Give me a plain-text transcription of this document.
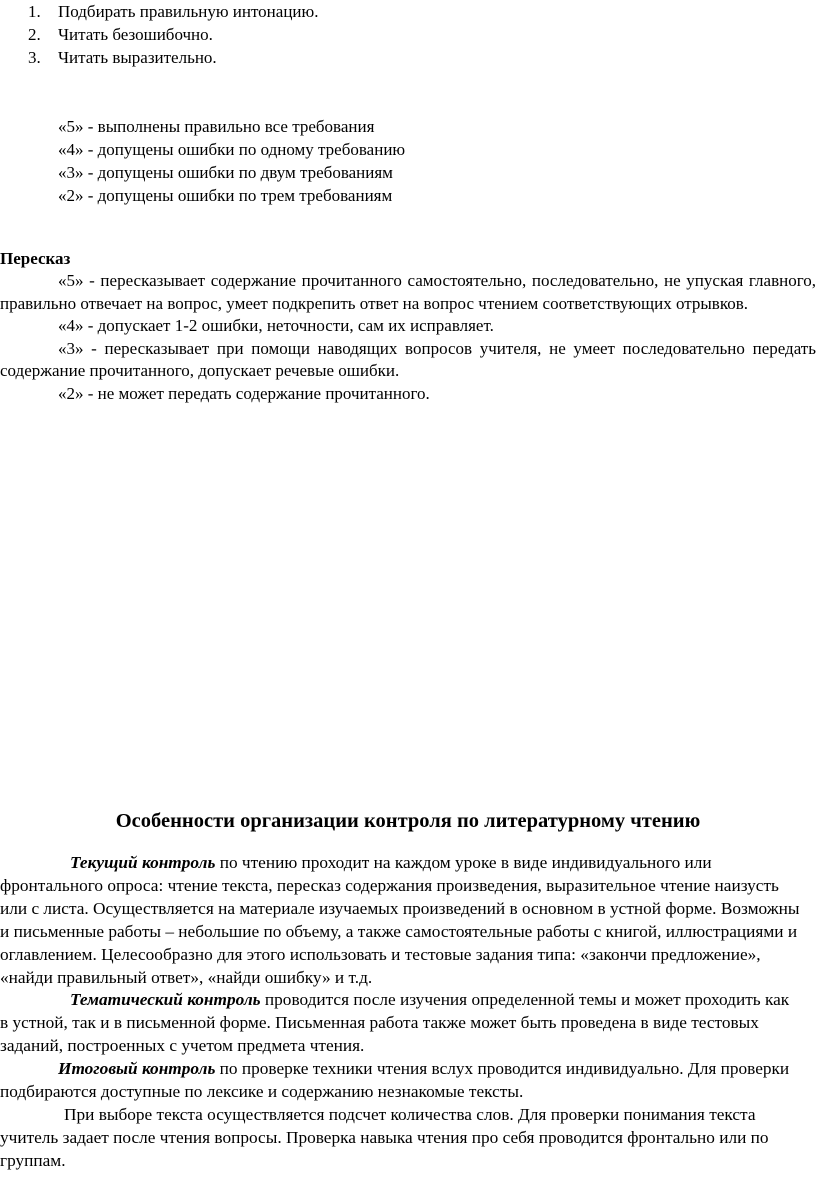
1. Подбирать правильную интонацию.
2. Читать безошибочно.
3. Читать выразительно.
«5» - выполнены правильно все требования
«4» - допущены ошибки по одному требованию
«3» - допущены ошибки по двум требованиям
«2» - допущены ошибки по трем требованиям
Пересказ

«5» - пересказывает содержание прочитанного самостоятельно, последовательно, не упуская главного, правильно отвечает на вопрос, умеет подкрепить ответ на вопрос чтением соответствующих отрывков.

«4» - допускает 1-2 ошибки, неточности, сам их исправляет.

«3» - пересказывает при помощи наводящих вопросов учителя, не умеет последовательно передать содержание прочитанного, допускает речевые ошибки.

«2» - не может передать содержание прочитанного.

Особенности организации контроля по литературному чтению

Текущий контроль по чтению проходит на каждом уроке в виде индивидуального или фронтального опроса: чтение текста, пересказ содержания произведения, выразительное чтение наизусть или с листа. Осуществляется на материале изучаемых произведений в основном в устной форме. Возможны и письменные работы – небольшие по объему, а также самостоятельные работы с книгой, иллюстрациями и оглавлением. Целесообразно для этого использовать и тестовые задания типа: «закончи предложение», «найди правильный ответ», «найди ошибку» и т.д.

Тематический контроль проводится после изучения определенной темы и может проходить как в устной, так и в письменной форме. Письменная работа также может быть проведена в виде тестовых заданий, построенных с учетом предмета чтения.

Итоговый контроль по проверке техники чтения вслух проводится индивидуально. Для проверки подбираются доступные по лексике и содержанию незнакомые тексты.

При выборе текста осуществляется подсчет количества слов. Для проверки понимания текста учитель задает после чтения вопросы. Проверка навыка чтения про себя проводится фронтально или по группам.
